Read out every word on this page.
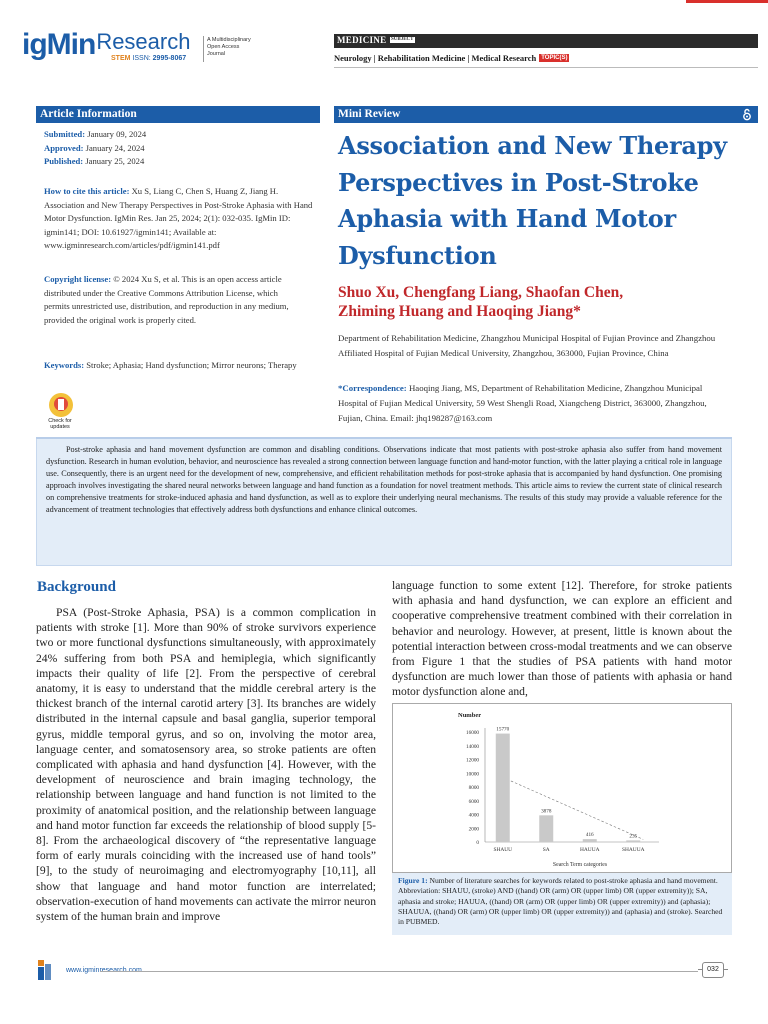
igMin Research
STEM ISSN: 2995-8067
A Multidisciplinary
Open Access
Journal
MEDICINE SUBJECT
Neurology | Rehabilitation Medicine | Medical Research TOPIC(S)
Article Information
Submitted: January 09, 2024
Approved: January 24, 2024
Published: January 25, 2024
How to cite this article: Xu S, Liang C, Chen S, Huang Z, Jiang H. Association and New Therapy Perspectives in Post-Stroke Aphasia with Hand Motor Dysfunction. IgMin Res. Jan 25, 2024; 2(1): 032-035. IgMin ID: igmin141; DOI: 10.61927/igmin141; Available at: www.igminresearch.com/articles/pdf/igmin141.pdf
Copyright license: © 2024 Xu S, et al. This is an open access article distributed under the Creative Commons Attribution License, which permits unrestricted use, distribution, and reproduction in any medium, provided the original work is properly cited.
Keywords: Stroke; Aphasia; Hand dysfunction; Mirror neurons; Therapy
Check for
updates
Mini Review
Association and New Therapy Perspectives in Post-Stroke Aphasia with Hand Motor Dysfunction
Shuo Xu, Chengfang Liang, Shaofan Chen,
Zhiming Huang and Haoqing Jiang*
Department of Rehabilitation Medicine, Zhangzhou Municipal Hospital of Fujian Province and Zhangzhou Affiliated Hospital of Fujian Medical University, Zhangzhou, 363000, Fujian Province, China
*Correspondence: Haoqing Jiang, MS, Department of Rehabilitation Medicine, Zhangzhou Municipal Hospital of Fujian Medical University, 59 West Shengli Road, Xiangcheng District, 363000, Zhangzhou, Fujian, China. Email: jhq198287@163.com
Post-stroke aphasia and hand movement dysfunction are common and disabling conditions. Observations indicate that most patients with post-stroke aphasia also suffer from hand movement dysfunction. Research in human evolution, behavior, and neuroscience has revealed a strong connection between language function and hand-motor function, with the latter playing a critical role in language use. Consequently, there is an urgent need for the development of new, comprehensive, and efficient rehabilitation methods for post-stroke aphasia that is accompanied by hand dysfunction. One promising approach involves investigating the shared neural networks between language and hand function as a foundation for novel treatment methods. This article aims to review the current state of clinical research on comprehensive treatments for stroke-induced aphasia and hand dysfunction, as well as to explore their underlying neural mechanisms. The results of this study may provide a valuable reference for the advancement of treatment technologies that effectively address both dysfunctions and enhance clinical outcomes.
Background
PSA (Post-Stroke Aphasia, PSA) is a common complication in patients with stroke [1]. More than 90% of stroke survivors experience two or more functional dysfunctions simultaneously, with approximately 24% suffering from both PSA and hemiplegia, which significantly impacts their quality of life [2]. From the perspective of cerebral anatomy, it is easy to understand that the middle cerebral artery is the thickest branch of the internal carotid artery [3]. Its branches are widely distributed in the internal capsule and basal ganglia, superior temporal gyrus, middle temporal gyrus, and so on, involving the motor area, language center, and somatosensory area, so stroke patients are often complicated with aphasia and hand dysfunction [4]. However, with the development of neuroscience and brain imaging technology, the relationship between language and hand function is not limited to the proximity of anatomical position, and the relationship between language and hand motor function far exceeds the relationship of blood supply [5-8]. From the archaeological discovery of “the representative language form of early murals coinciding with the increased use of hand tools” [9], to the study of neuroimaging and electromyography [10,11], all show that language and hand motor function are interrelated; observation-execution of hand movements can activate the mirror neuron system of the human brain and improve
language function to some extent [12]. Therefore, for stroke patients with aphasia and hand dysfunction, we can explore an efficient and cooperative comprehensive treatment combined with their correlation in behavior and neurology. However, at present, little is known about the potential interaction between cross-modal treatments and we can observe from Figure 1 that the studies of PSA patients with hand motor dysfunction are much lower than those of patients with aphasia or hand motor dysfunction alone and,
0
2000
4000
6000
8000
10000
12000
14000
16000
Number
Search Term categories
15770
SHAUU
3878
SA
416
HAUUA
235
SHAUUA
Figure 1: Number of literature searches for keywords related to post-stroke aphasia and hand movement. Abbreviation: SHAUU, (stroke) AND ((hand) OR (arm) OR (upper limb) OR (upper extremity)); SA, aphasia and stroke; HAUUA, ((hand) OR (arm) OR (upper limb) OR (upper extremity)) and (aphasia); SHAUUA, ((hand) OR (arm) OR (upper limb) OR (upper extremity)) and (aphasia) and (stroke). Searched in PUBMED.
www.igminresearch.com	032
